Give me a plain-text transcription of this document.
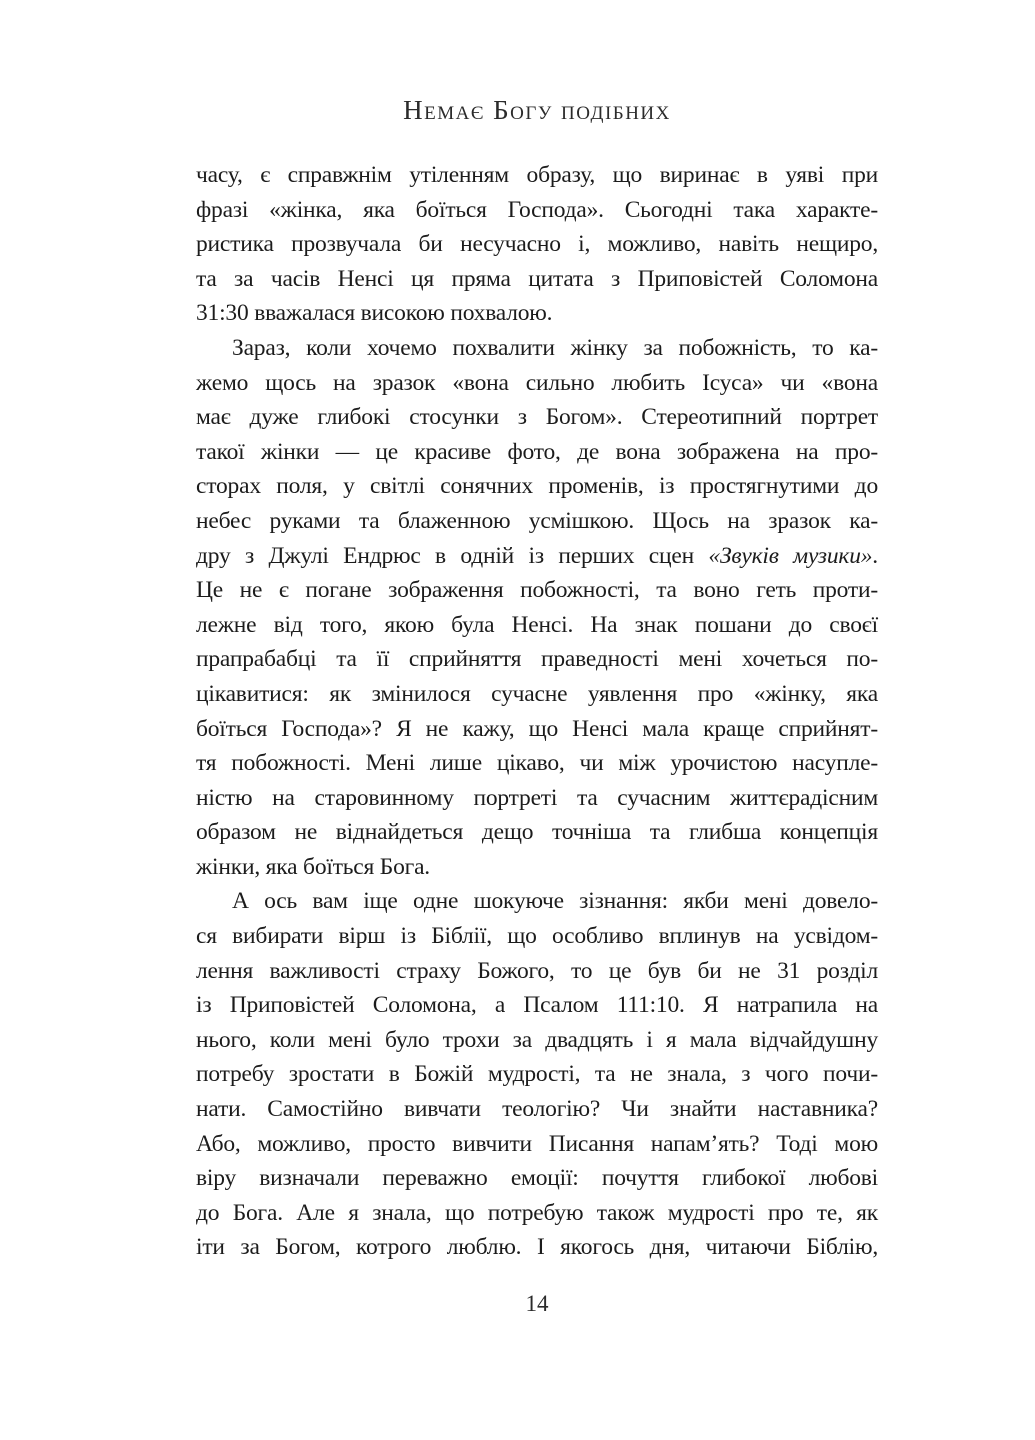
Немає Богу подібних
часу, є справжнім утіленням образу, що виринає в уяві при
фразі «жінка, яка боїться Господа». Сьогодні така характе-
ристика прозвучала би несучасно і, можливо, навіть нещиро,
та за часів Ненсі ця пряма цитата з Приповістей Соломона
31:30 вважалася високою похвалою.
Зараз, коли хочемо похвалити жінку за побожність, то ка-
жемо щось на зразок «вона сильно любить Ісуса» чи «вона
має дуже глибокі стосунки з Богом». Стереотипний портрет
такої жінки — це красиве фото, де вона зображена на про-
сторах поля, у світлі сонячних променів, із простягнутими до
небес руками та блаженною усмішкою. Щось на зразок ка-
дру з Джулі Ендрюс в одній із перших сцен «Звуків музики».
Це не є погане зображення побожності, та воно геть проти-
лежне від того, якою була Ненсі. На знак пошани до своєї
прапрабабці та її сприйняття праведності мені хочеться по-
цікавитися: як змінилося сучасне уявлення про «жінку, яка
боїться Господа»? Я не кажу, що Ненсі мала краще сприйнят-
тя побожності. Мені лише цікаво, чи між урочистою насупле-
ністю на старовинному портреті та сучасним життєрадісним
образом не віднайдеться дещо точніша та глибша концепція
жінки, яка боїться Бога.
А ось вам іще одне шокуюче зізнання: якби мені довело-
ся вибирати вірш із Біблії, що особливо вплинув на усвідом-
лення важливості страху Божого, то це був би не 31 розділ
із Приповістей Соломона, а Псалом 111:10. Я натрапила на
нього, коли мені було трохи за двадцять і я мала відчайдушну
потребу зростати в Божій мудрості, та не знала, з чого почи-
нати. Самостійно вивчати теологію? Чи знайти наставника?
Або, можливо, просто вивчити Писання напам’ять? Тоді мою
віру визначали переважно емоції: почуття глибокої любові
до Бога. Але я знала, що потребую також мудрості про те, як
іти за Богом, котрого люблю. І якогось дня, читаючи Біблію,
14
